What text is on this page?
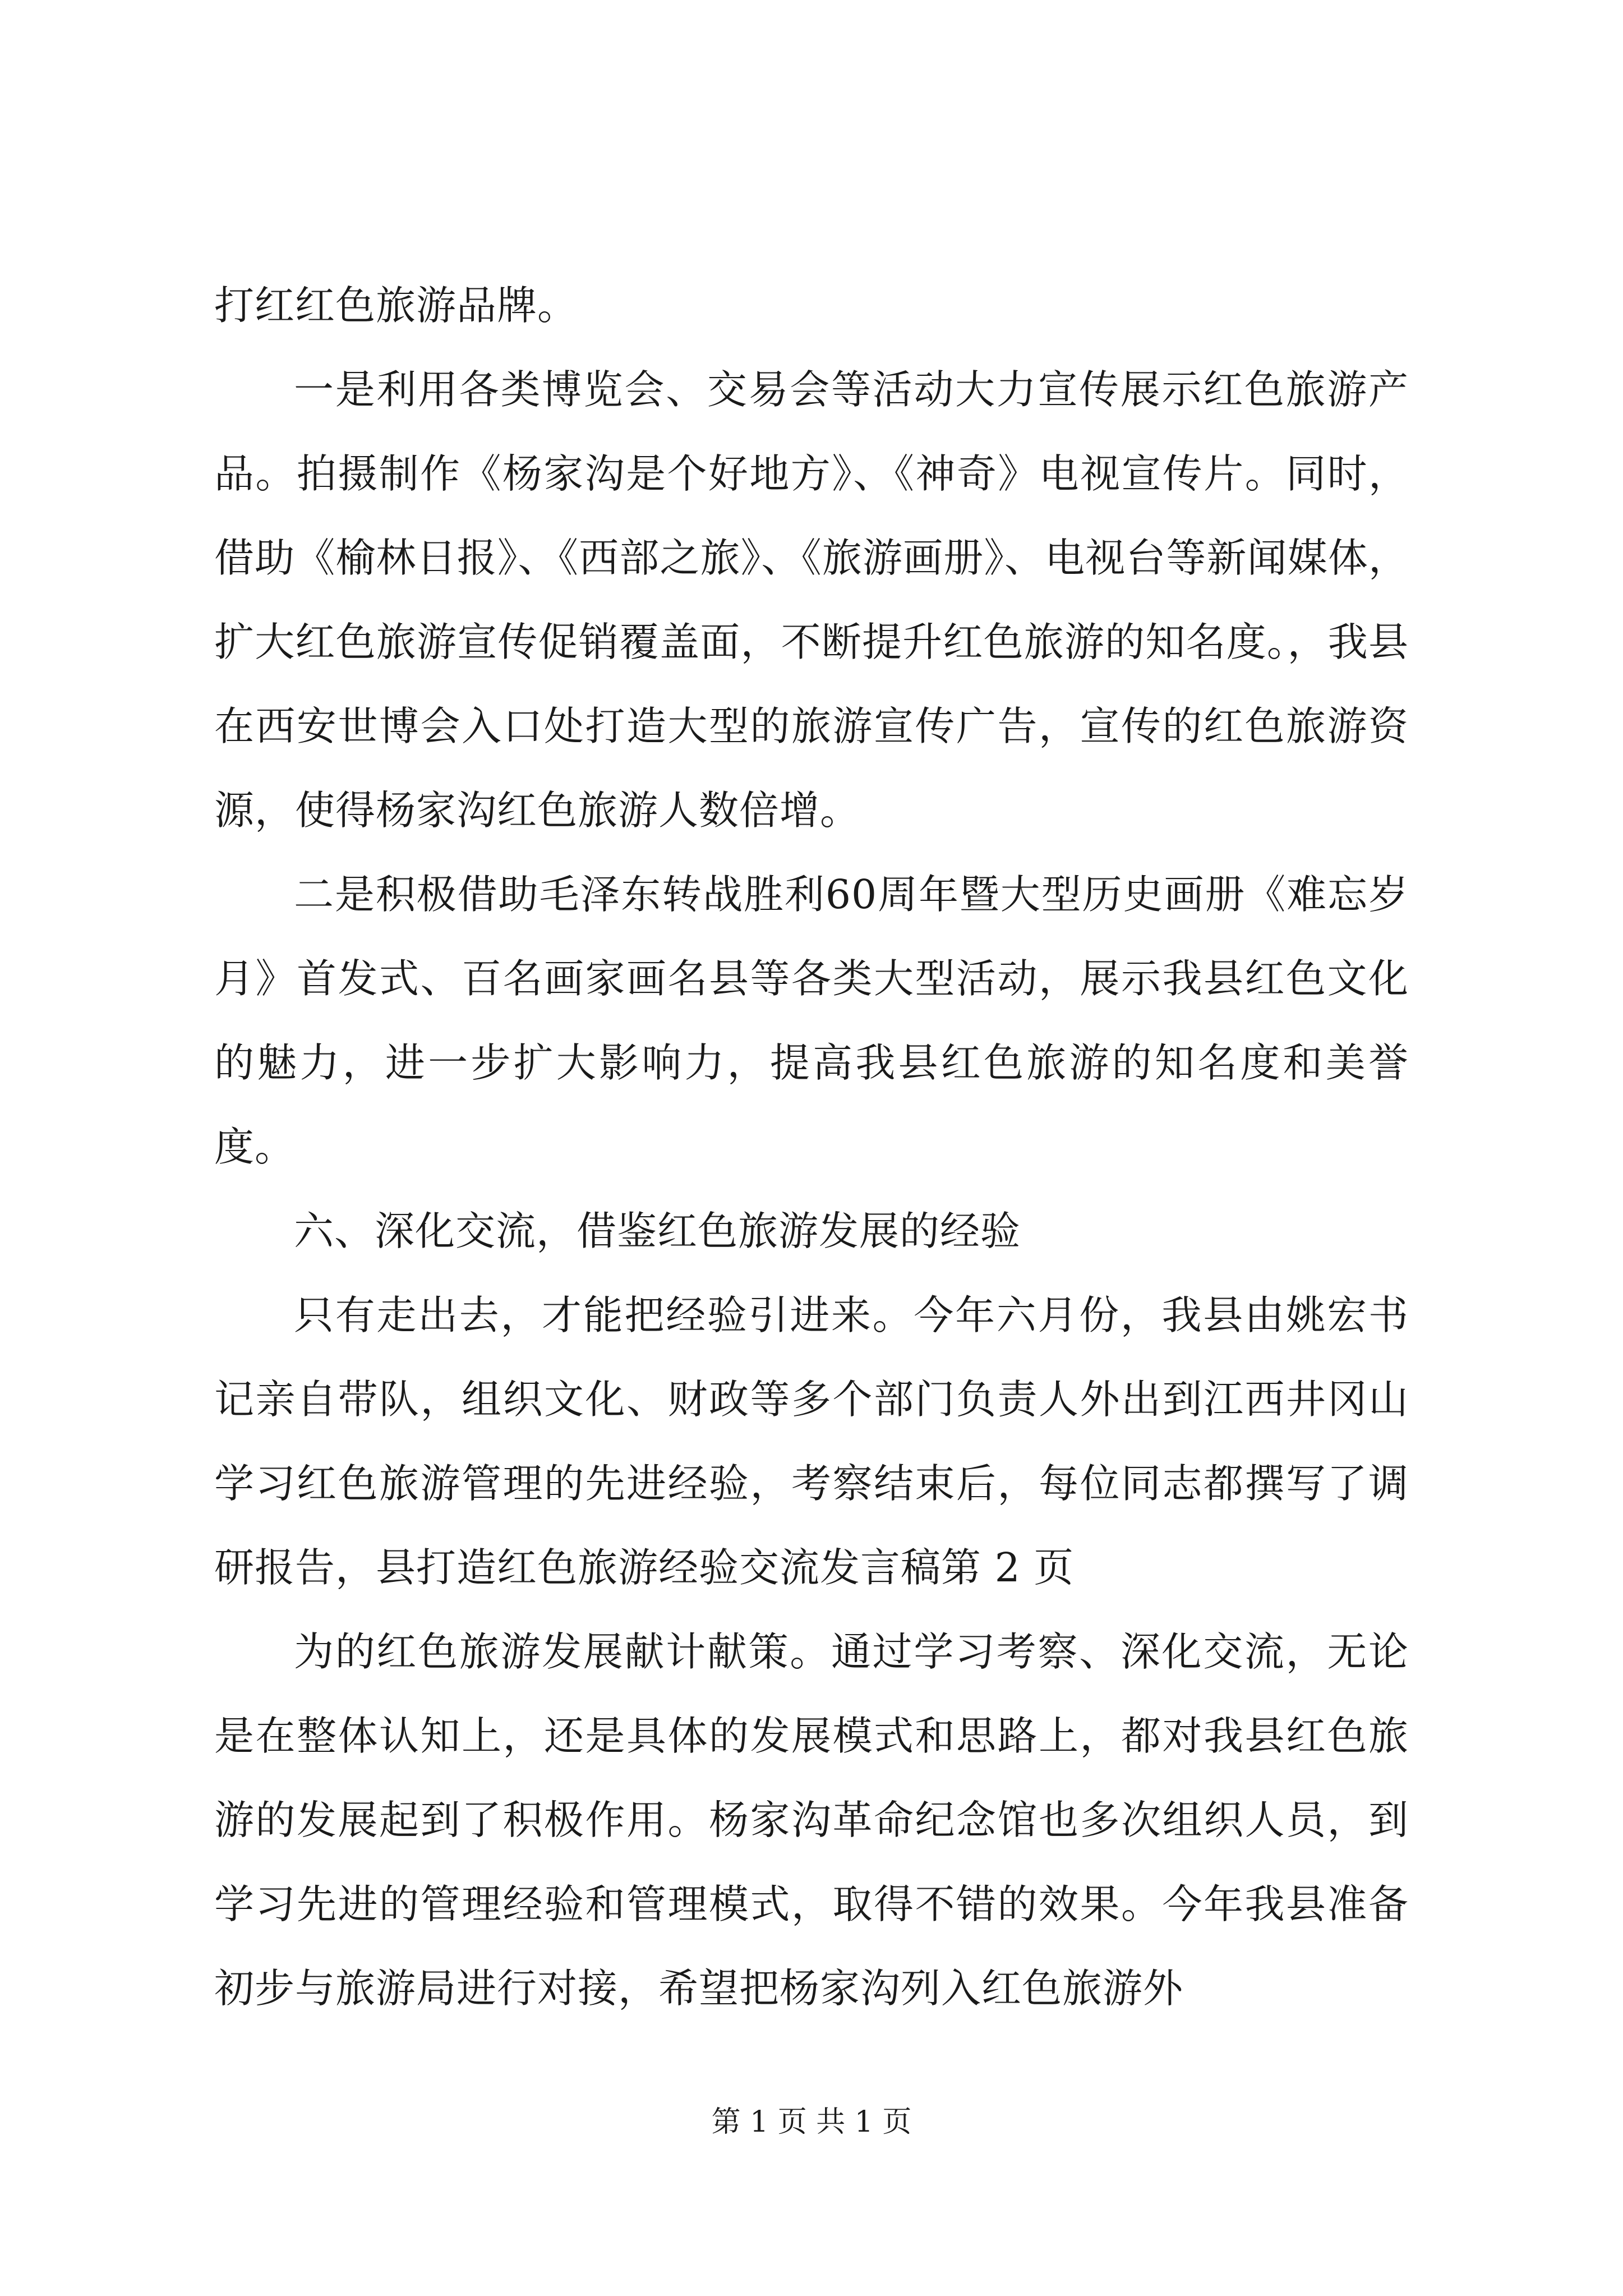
打红红色旅游品牌。

一是利用各类博览会、交易会等活动大力宣传展示红色旅游产品。拍摄制作《杨家沟是个好地方》、《神奇》电视宣传片。同时，借助《榆林日报》、《西部之旅》、《旅游画册》、电视台等新闻媒体，扩大红色旅游宣传促销覆盖面，不断提升红色旅游的知名度。，我县在西安世博会入口处打造大型的旅游宣传广告，宣传的红色旅游资源，使得杨家沟红色旅游人数倍增。

二是积极借助毛泽东转战胜利60周年暨大型历史画册《难忘岁月》首发式、百名画家画名县等各类大型活动，展示我县红色文化的魅力，进一步扩大影响力，提高我县红色旅游的知名度和美誉度。

六、深化交流，借鉴红色旅游发展的经验

只有走出去，才能把经验引进来。今年六月份，我县由姚宏书记亲自带队，组织文化、财政等多个部门负责人外出到江西井冈山学习红色旅游管理的先进经验，考察结束后，每位同志都撰写了调研报告，县打造红色旅游经验交流发言稿第 2 页

为的红色旅游发展献计献策。通过学习考察、深化交流，无论是在整体认知上，还是具体的发展模式和思路上，都对我县红色旅游的发展起到了积极作用。杨家沟革命纪念馆也多次组织人员，到学习先进的管理经验和管理模式，取得不错的效果。今年我县准备初步与旅游局进行对接，希望把杨家沟列入红色旅游外

第 1 页 共 1 页
